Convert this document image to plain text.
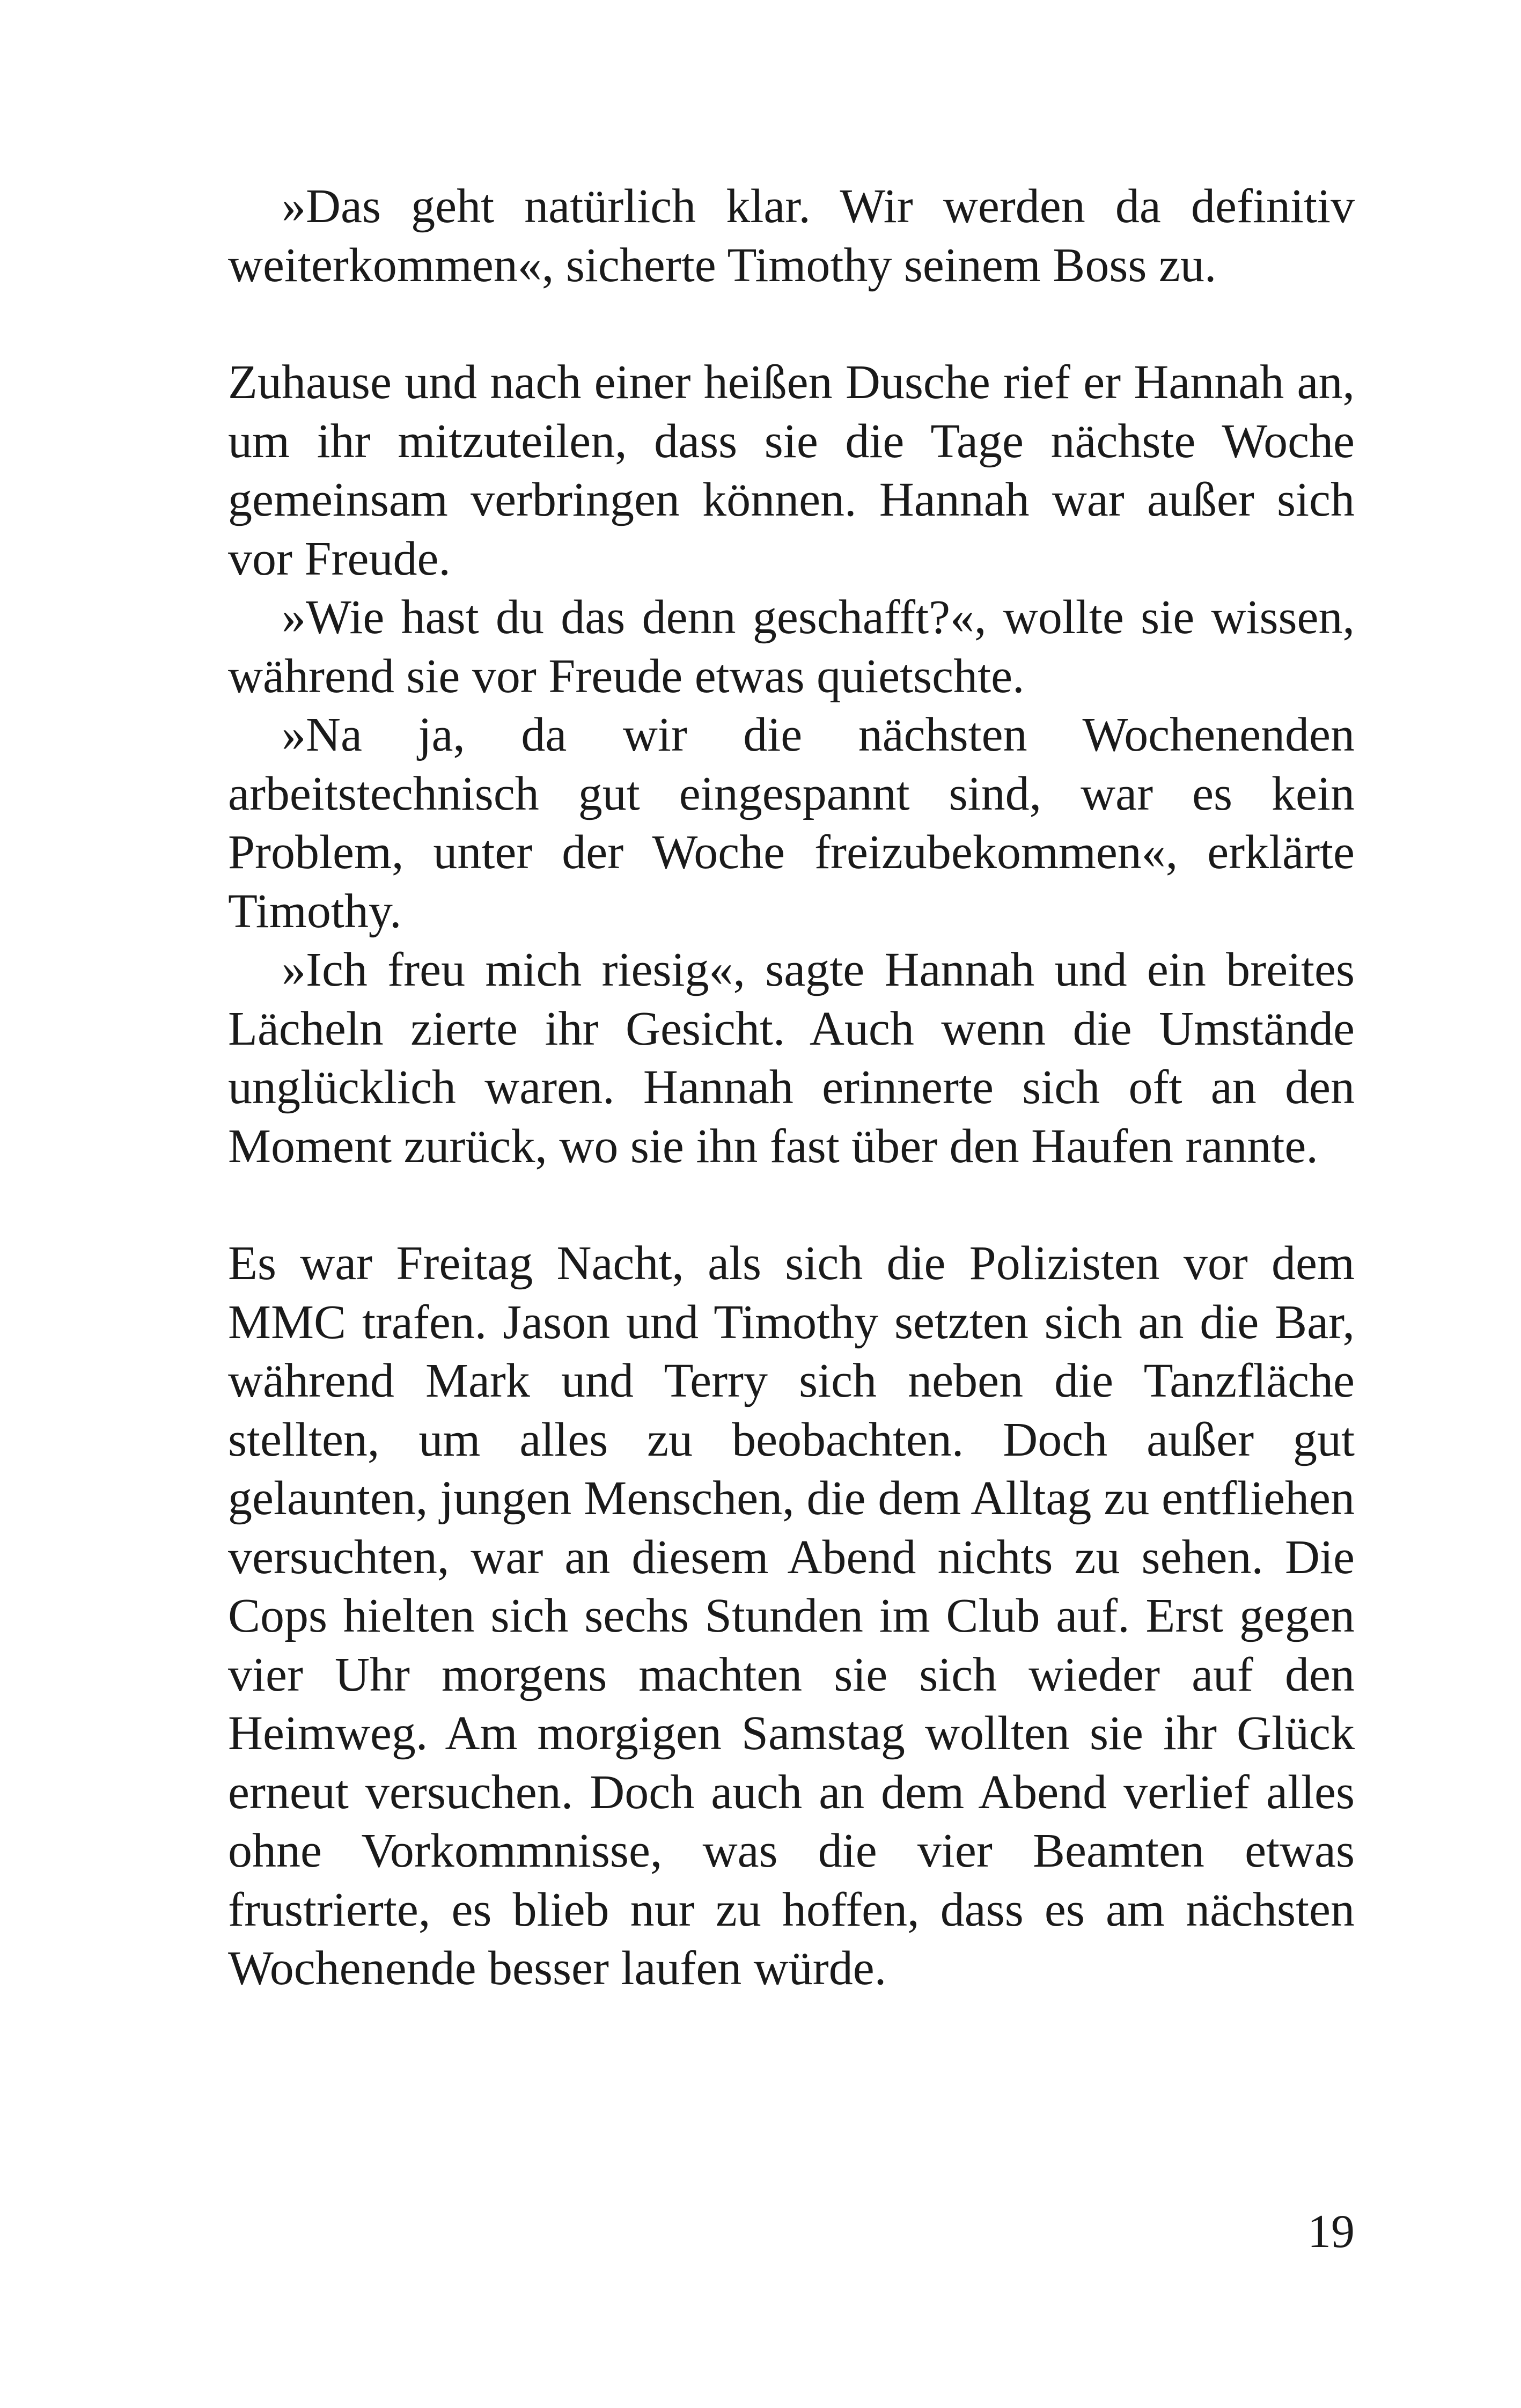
»Das geht natürlich klar. Wir werden da definitiv weiterkommen«, sicherte Timothy seinem Boss zu.

Zuhause und nach einer heißen Dusche rief er Hannah an, um ihr mitzuteilen, dass sie die Tage nächste Woche gemeinsam verbringen können. Hannah war außer sich vor Freude.

»Wie hast du das denn geschafft?«, wollte sie wissen, während sie vor Freude etwas quietschte.

»Na ja, da wir die nächsten Wochenenden arbeitstechnisch gut eingespannt sind, war es kein Problem, unter der Woche freizubekommen«, erklärte Timothy.

»Ich freu mich riesig«, sagte Hannah und ein breites Lächeln zierte ihr Gesicht. Auch wenn die Umstände unglücklich waren. Hannah erinnerte sich oft an den Moment zurück, wo sie ihn fast über den Haufen rannte.

Es war Freitag Nacht, als sich die Polizisten vor dem MMC trafen. Jason und Timothy setzten sich an die Bar, während Mark und Terry sich neben die Tanzfläche stellten, um alles zu beobachten. Doch außer gut gelaunten, jungen Menschen, die dem Alltag zu entfliehen versuchten, war an diesem Abend nichts zu sehen. Die Cops hielten sich sechs Stunden im Club auf. Erst gegen vier Uhr morgens machten sie sich wieder auf den Heimweg. Am morgigen Samstag wollten sie ihr Glück erneut versuchen. Doch auch an dem Abend verlief alles ohne Vorkommnisse, was die vier Beamten etwas frustrierte, es blieb nur zu hoffen, dass es am nächsten Wochenende besser laufen würde.

19
